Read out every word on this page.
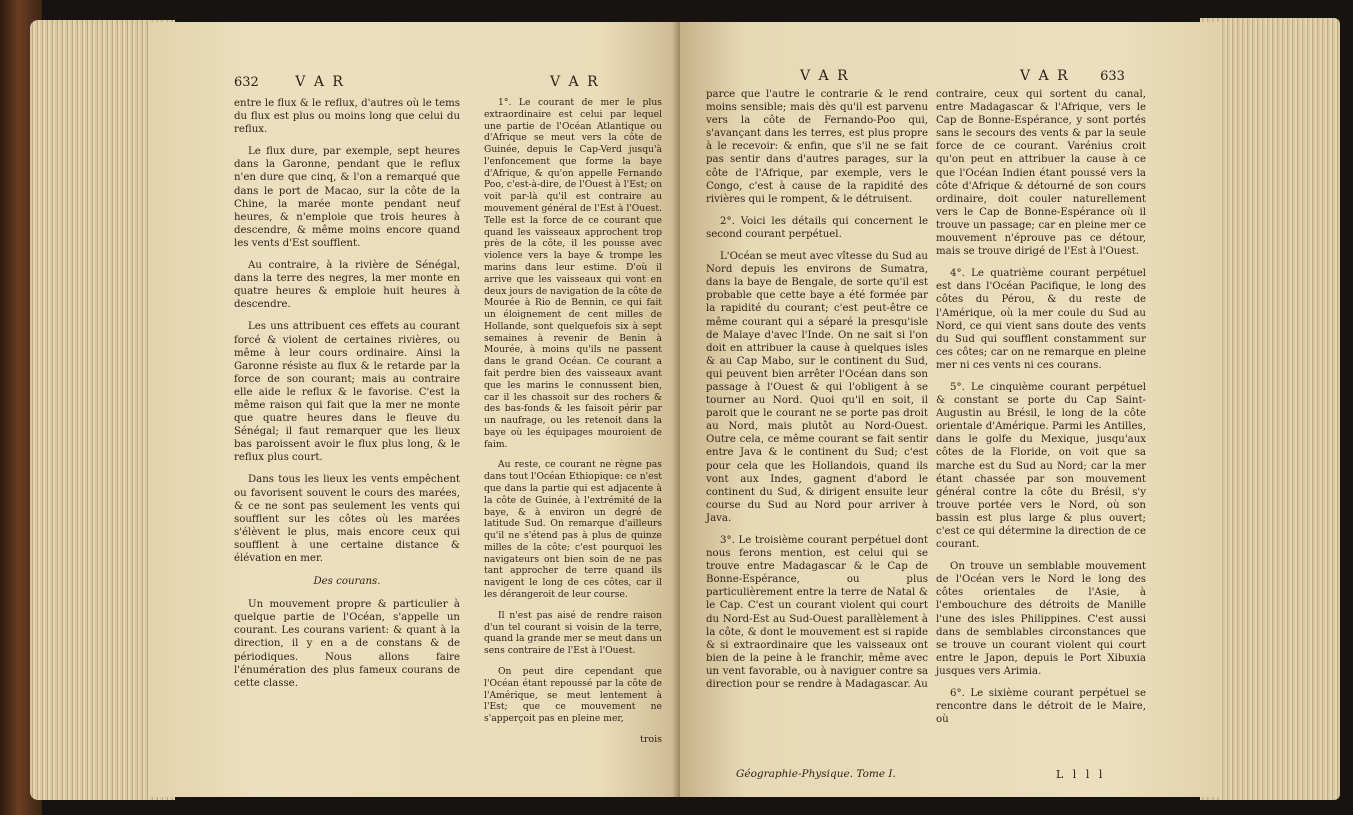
632	V A R	V A R

entre le flux & le reflux, d'autres où le tems du flux est plus ou moins long que celui du reflux.

Le flux dure, par exemple, sept heures dans la Garonne, pendant que le reflux n'en dure que cinq, & l'on a remarqué que dans le port de Macao, sur la côte de la Chine, la marée monte pendant neuf heures, & n'emploie que trois heures à descendre, & même moins encore quand les vents d'Est soufflent.

Au contraire, à la rivière de Sénégal, dans la terre des negres, la mer monte en quatre heures & emploie huit heures à descendre.

Les uns attribuent ces effets au courant forcé & violent de certaines rivières, ou même à leur cours ordinaire. Ainsi la Garonne résiste au flux & le retarde par la force de son courant; mais au contraire elle aide le reflux & le favorise. C'est la même raison qui fait que la mer ne monte que quatre heures dans le fleuve du Sénégal; il faut remarquer que les lieux bas paroissent avoir le flux plus long, & le reflux plus court.

Dans tous les lieux les vents empêchent ou favorisent souvent le cours des marées, & ce ne sont pas seulement les vents qui soufflent sur les côtes où les marées s'élèvent le plus, mais encore ceux qui soufflent à une certaine distance & élévation en mer.

Des courans.

Un mouvement propre & particulier à quelque partie de l'Océan, s'appelle un courant. Les courans varient: & quant à la direction, il y en a de constans & de périodiques. Nous allons faire l'énumération des plus fameux courans de cette classe.

1°. Le courant de mer le plus extraordinaire est celui par lequel une partie de l'Océan Atlantique ou d'Afrique se meut vers la côte de Guinée, depuis le Cap-Verd jusqu'à l'enfoncement que forme la baye d'Afrique, & qu'on appelle Fernando Poo, c'est-à-dire, de l'Ouest à l'Est; on voit par-là qu'il est contraire au mouvement général de l'Est à l'Ouest. Telle est la force de ce courant que quand les vaisseaux approchent trop près de la côte, il les pousse avec violence vers la baye & trompe les marins dans leur estime. D'où il arrive que les vaisseaux qui vont en deux jours de navigation de la côte de Mourée à Rio de Bennin, ce qui fait un éloignement de cent milles de Hollande, sont quelquefois six à sept semaines à revenir de Benin à Mourée, à moins qu'ils ne passent dans le grand Océan. Ce courant a fait perdre bien des vaisseaux avant que les marins le connussent bien, car il les chassoit sur des rochers & des bas-fonds & les faisoit périr par un naufrage, ou les retenoit dans la baye où les équipages mouroient de faim.

Au reste, ce courant ne règne pas dans tout l'Océan Ethiopique: ce n'est que dans la partie qui est adjacente à la côte de Guinée, à l'extrémité de la baye, & à environ un degré de latitude Sud. On remarque d'ailleurs qu'il ne s'étend pas à plus de quinze milles de la côte; c'est pourquoi les navigateurs ont bien soin de ne pas tant approcher de terre quand ils navigent le long de ces côtes, car il les dérangeroit de leur course.

Il n'est pas aisé de rendre raison d'un tel courant si voisin de la terre, quand la grande mer se meut dans un sens contraire de l'Est à l'Ouest.

On peut dire cependant que l'Océan étant repoussé par la côte de l'Amérique, se meut lentement à l'Est; que ce mouvement ne s'apperçoit pas en pleine mer,

trois
V A R	V A R 633

parce que l'autre le contrarie & le rend moins sensible; mais dès qu'il est parvenu vers la côte de Fernando-Poo qui, s'avançant dans les terres, est plus propre à le recevoir: & enfin, que s'il ne se fait pas sentir dans d'autres parages, sur la côte de l'Afrique, par exemple, vers le Congo, c'est à cause de la rapidité des rivières qui le rompent, & le détruisent.

2°. Voici les détails qui concernent le second courant perpétuel.

L'Océan se meut avec vîtesse du Sud au Nord depuis les environs de Sumatra, dans la baye de Bengale, de sorte qu'il est probable que cette baye a été formée par la rapidité du courant; c'est peut-être ce même courant qui a séparé la presqu'isle de Malaye d'avec l'Inde. On ne sait si l'on doit en attribuer la cause à quelques isles & au Cap Mabo, sur le continent du Sud, qui peuvent bien arrêter l'Océan dans son passage à l'Ouest & qui l'obligent à se tourner au Nord. Quoi qu'il en soit, il paroit que le courant ne se porte pas droit au Nord, mais plutôt au Nord-Ouest. Outre cela, ce même courant se fait sentir entre Java & le continent du Sud; c'est pour cela que les Hollandois, quand ils vont aux Indes, gagnent d'abord le continent du Sud, & dirigent ensuite leur course du Sud au Nord pour arriver à Java.

3°. Le troisième courant perpétuel dont nous ferons mention, est celui qui se trouve entre Madagascar & le Cap de Bonne-Espérance, ou plus particulièrement entre la terre de Natal & le Cap. C'est un courant violent qui court du Nord-Est au Sud-Ouest parallèlement à la côte, & dont le mouvement est si rapide & si extraordinaire que les vaisseaux ont bien de la peine à le franchir, même avec un vent favorable, ou à naviguer contre sa direction pour se rendre à Madagascar. Au

contraire, ceux qui sortent du canal, entre Madagascar & l'Afrique, vers le Cap de Bonne-Espérance, y sont portés sans le secours des vents & par la seule force de ce courant. Varénius croit qu'on peut en attribuer la cause à ce que l'Océan Indien étant poussé vers la côte d'Afrique & détourné de son cours ordinaire, doit couler naturellement vers le Cap de Bonne-Espérance où il trouve un passage; car en pleine mer ce mouvement n'éprouve pas ce détour, mais se trouve dirigé de l'Est à l'Ouest.

4°. Le quatrième courant perpétuel est dans l'Océan Pacifique, le long des côtes du Pérou, & du reste de l'Amérique, où la mer coule du Sud au Nord, ce qui vient sans doute des vents du Sud qui soufflent constamment sur ces côtes; car on ne remarque en pleine mer ni ces vents ni ces courans.

5°. Le cinquième courant perpétuel & constant se porte du Cap Saint-Augustin au Brésil, le long de la côte orientale d'Amérique. Parmi les Antilles, dans le golfe du Mexique, jusqu'aux côtes de la Floride, on voit que sa marche est du Sud au Nord; car la mer étant chassée par son mouvement général contre la côte du Brésil, s'y trouve portée vers le Nord, où son bassin est plus large & plus ouvert; c'est ce qui détermine la direction de ce courant.

On trouve un semblable mouvement de l'Océan vers le Nord le long des côtes orientales de l'Asie, à l'embouchure des détroits de Manille l'une des isles Philippines. C'est aussi dans de semblables circonstances que se trouve un courant violent qui court entre le Japon, depuis le Port Xibuxia jusques vers Arimia.

6°. Le sixième courant perpétuel se rencontre dans le détroit de le Maire, où

Géographie-Physique. Tome I.	L l l l
